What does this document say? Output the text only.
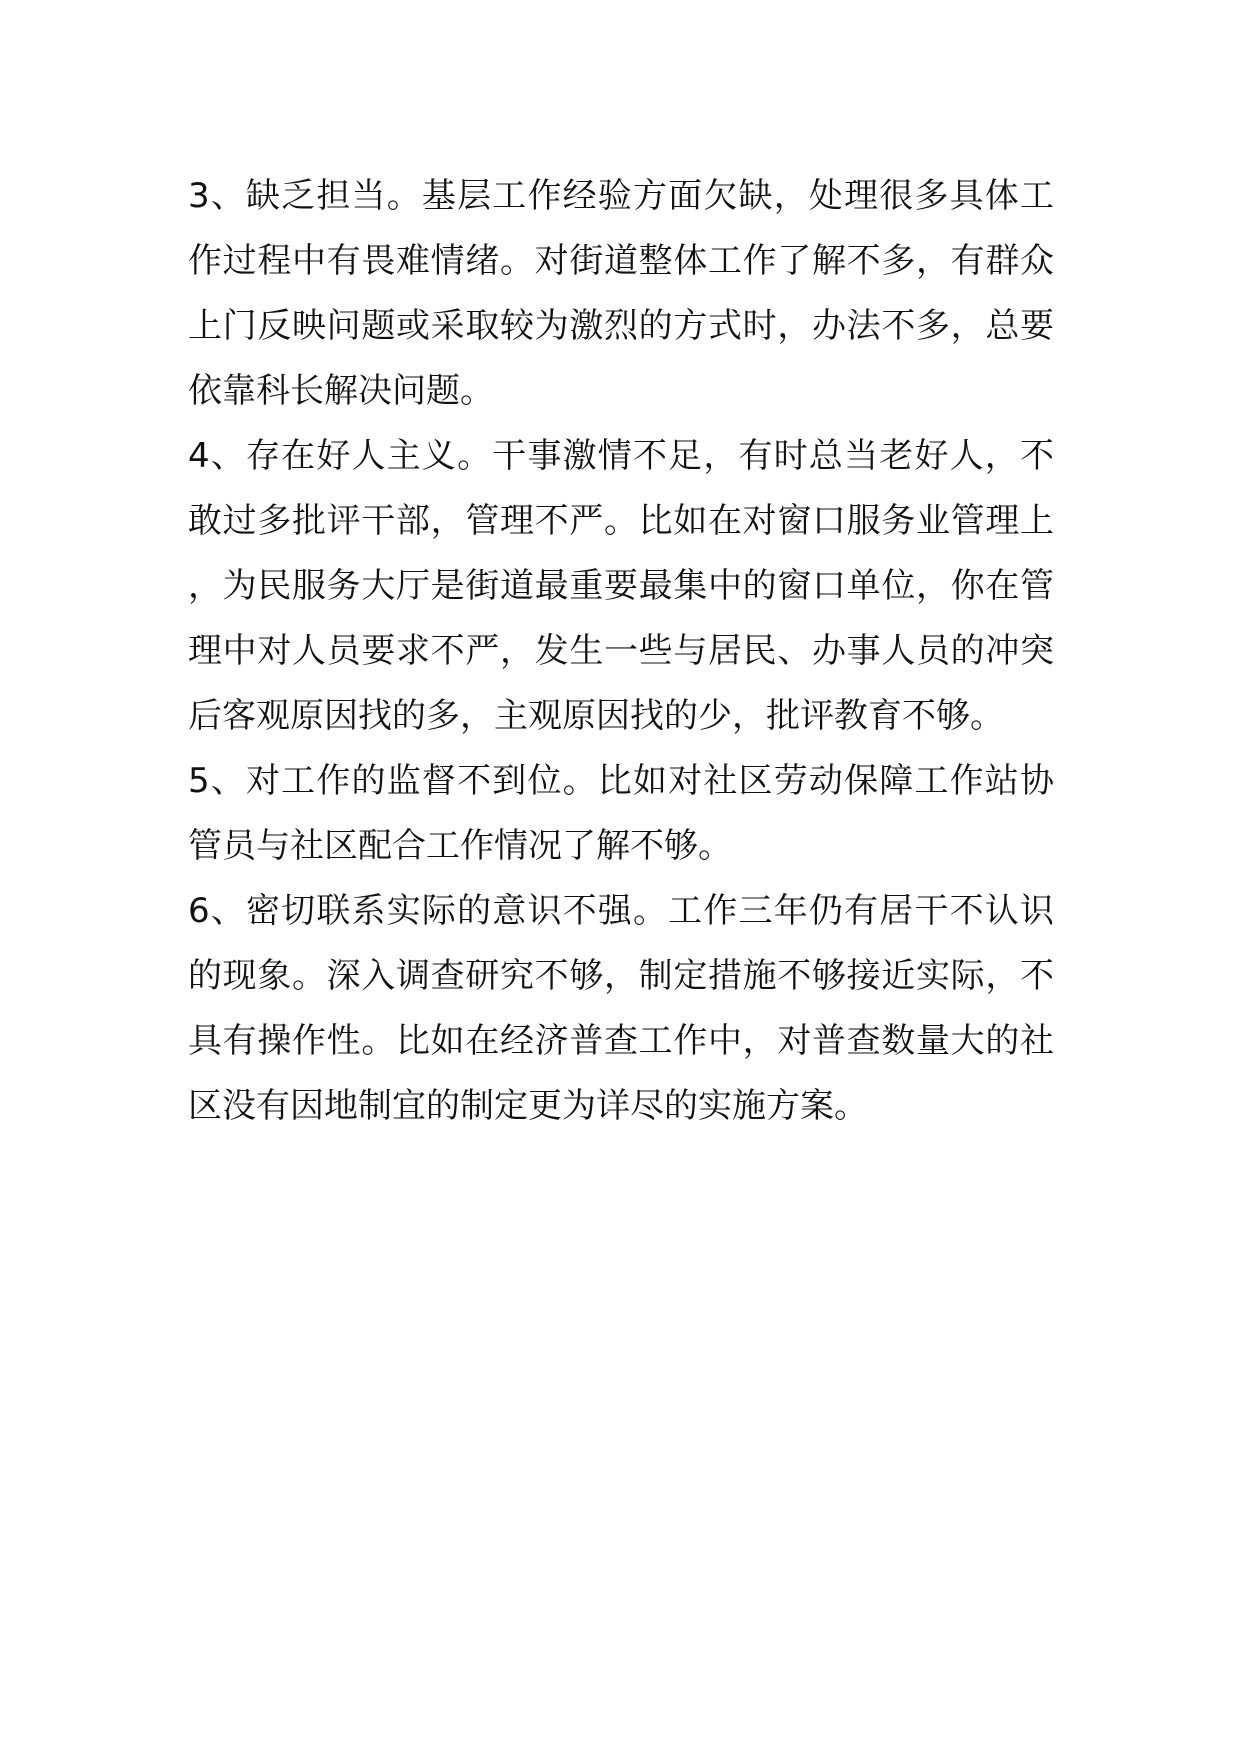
3、缺乏担当。基层工作经验方面欠缺，处理很多具体工作过程中有畏难情绪。对街道整体工作了解不多，有群众上门反映问题或采取较为激烈的方式时，办法不多，总要依靠科长解决问题。

4、存在好人主义。干事激情不足，有时总当老好人，不敢过多批评干部，管理不严。比如在对窗口服务业管理上，为民服务大厅是街道最重要最集中的窗口单位，你在管理中对人员要求不严，发生一些与居民、办事人员的冲突后客观原因找的多，主观原因找的少，批评教育不够。

5、对工作的监督不到位。比如对社区劳动保障工作站协管员与社区配合工作情况了解不够。

6、密切联系实际的意识不强。工作三年仍有居干不认识的现象。深入调查研究不够，制定措施不够接近实际，不具有操作性。比如在经济普查工作中，对普查数量大的社区没有因地制宜的制定更为详尽的实施方案。
